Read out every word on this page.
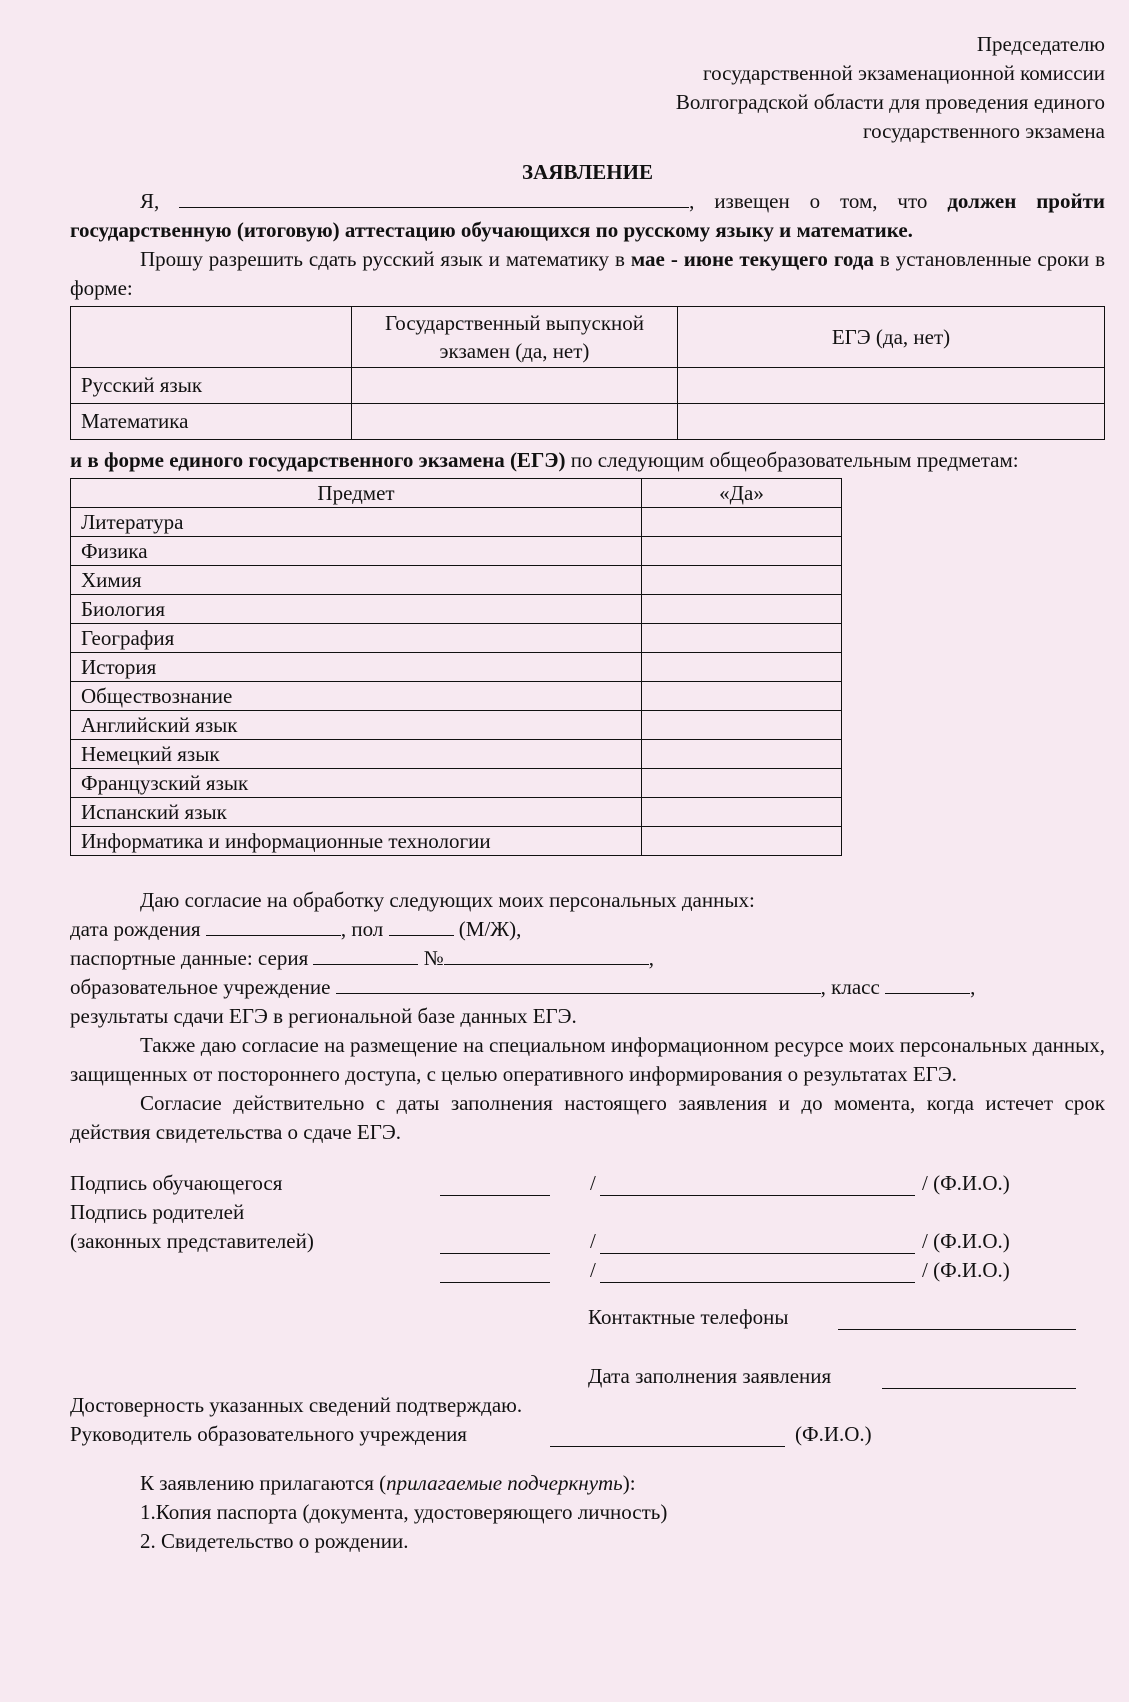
Председателю
государственной экзаменационной комиссии
Волгоградской области для проведения единого
государственного экзамена
ЗАЯВЛЕНИЕ
Я,	, извещен о том, что должен пройти государственную (итоговую) аттестацию обучающихся по русскому языку и математике.
Прошу разрешить сдать русский язык и математику в мае - июне текущего года в установленные сроки в форме:
	Государственный выпускной экзамен (да, нет)	ЕГЭ (да, нет)
Русский язык		
Математика		
и в форме единого государственного экзамена (ЕГЭ) по следующим общеобразовательным предметам:
Предмет	«Да»
Литература	
Физика	
Химия	
Биология	
География	
История	
Обществознание	
Английский язык	
Немецкий язык	
Французский язык	
Испанский язык	
Информатика и информационные технологии	
Даю согласие на обработку следующих моих персональных данных:
дата рождения	, пол	(М/Ж),
паспортные данные: серия	№	,
образовательное учреждение	, класс	,
результаты сдачи ЕГЭ в региональной базе данных ЕГЭ.
Также даю согласие на размещение на специальном информационном ресурсе моих персональных данных, защищенных от постороннего доступа, с целью оперативного информирования о результатах ЕГЭ.
Согласие действительно с даты заполнения настоящего заявления и до момента, когда истечет срок действия свидетельства о сдаче ЕГЭ.
Подпись обучающегося	/	/ (Ф.И.О.)
Подпись родителей
(законных представителей)	/	/ (Ф.И.О.)
/	/ (Ф.И.О.)
Контактные телефоны
Дата заполнения заявления
Достоверность указанных сведений подтверждаю.
Руководитель образовательного учреждения	(Ф.И.О.)
К заявлению прилагаются (прилагаемые подчеркнуть):
1.Копия паспорта (документа, удостоверяющего личность)
2. Свидетельство о рождении.
